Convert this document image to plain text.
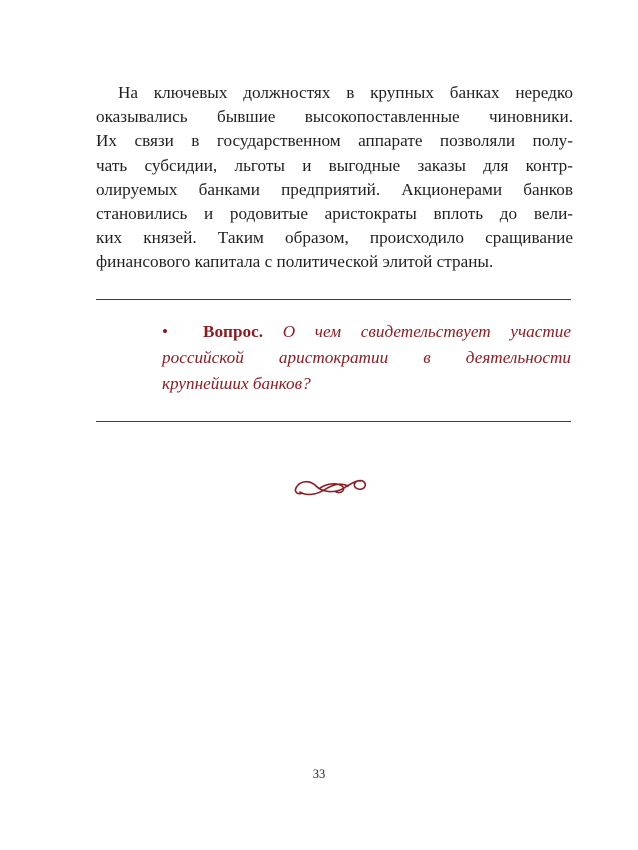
На ключевых должностях в крупных банках нередко
оказывались бывшие высокопоставленные чиновники.
Их связи в государственном аппарате позволяли полу-
чать субсидии, льготы и выгодные заказы для контр-
олируемых банками предприятий. Акционерами банков
становились и родовитые аристократы вплоть до вели-
ких князей. Таким образом, происходило сращивание
финансового капитала с политической элитой страны.
• Вопрос. О чем свидетельствует участие
российской аристократии в деятельности
крупнейших банков?
33
